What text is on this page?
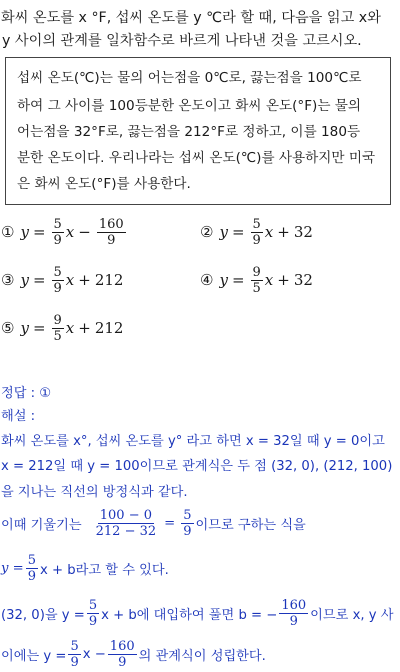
화씨 온도를 x °F, 섭씨 온도를 y ℃라 할 때, 다음을 읽고 x와
y 사이의 관계를 일차함수로 바르게 나타낸 것을 고르시오.
섭씨 온도(℃)는 물의 어는점을 0℃로, 끓는점을 100℃로
하여 그 사이를 100등분한 온도이고 화씨 온도(°F)는 물의
어는점을 32°F로, 끓는점을 212°F로 정하고, 이를 180등
분한 온도이다. 우리나라는 섭씨 온도(℃)를 사용하지만 미국
은 화씨 온도(°F)를 사용한다.
① $y = \frac{5}{9}$ $x - \frac{160}{9}$	② $y = \frac{5}{9}$ x + 32
③ $y = \frac{5}{9}$ x + 212	④ $y = \frac{9}{5}$ x + 32
⑤ $y = \frac{9}{5}$ x + 212
정답 : ①
해설 :
화씨 온도를 x°, 섭씨 온도를 y° 라고 하면 x = 32일 때 y = 0이고
x = 212일 때 y = 100이므로 관계식은 두 점 (32, 0), (212, 100)
을 지나는 직선의 방정식과 같다.
이때 기울기는 $\frac{100 - 0}{212 - 32} = \frac{5}{9}$ 이므로 구하는 식을
$y = \frac{5}{9}$ x + b라고 할 수 있다.
(32, 0)을 $y = \frac{5}{9}$ x + b에 대입하여 풀면 b = − $\frac{160}{9}$ 이므로 x, y 사
이에는 $y = \frac{5}{9}$ $x - \frac{160}{9}$ 의 관계식이 성립한다.
